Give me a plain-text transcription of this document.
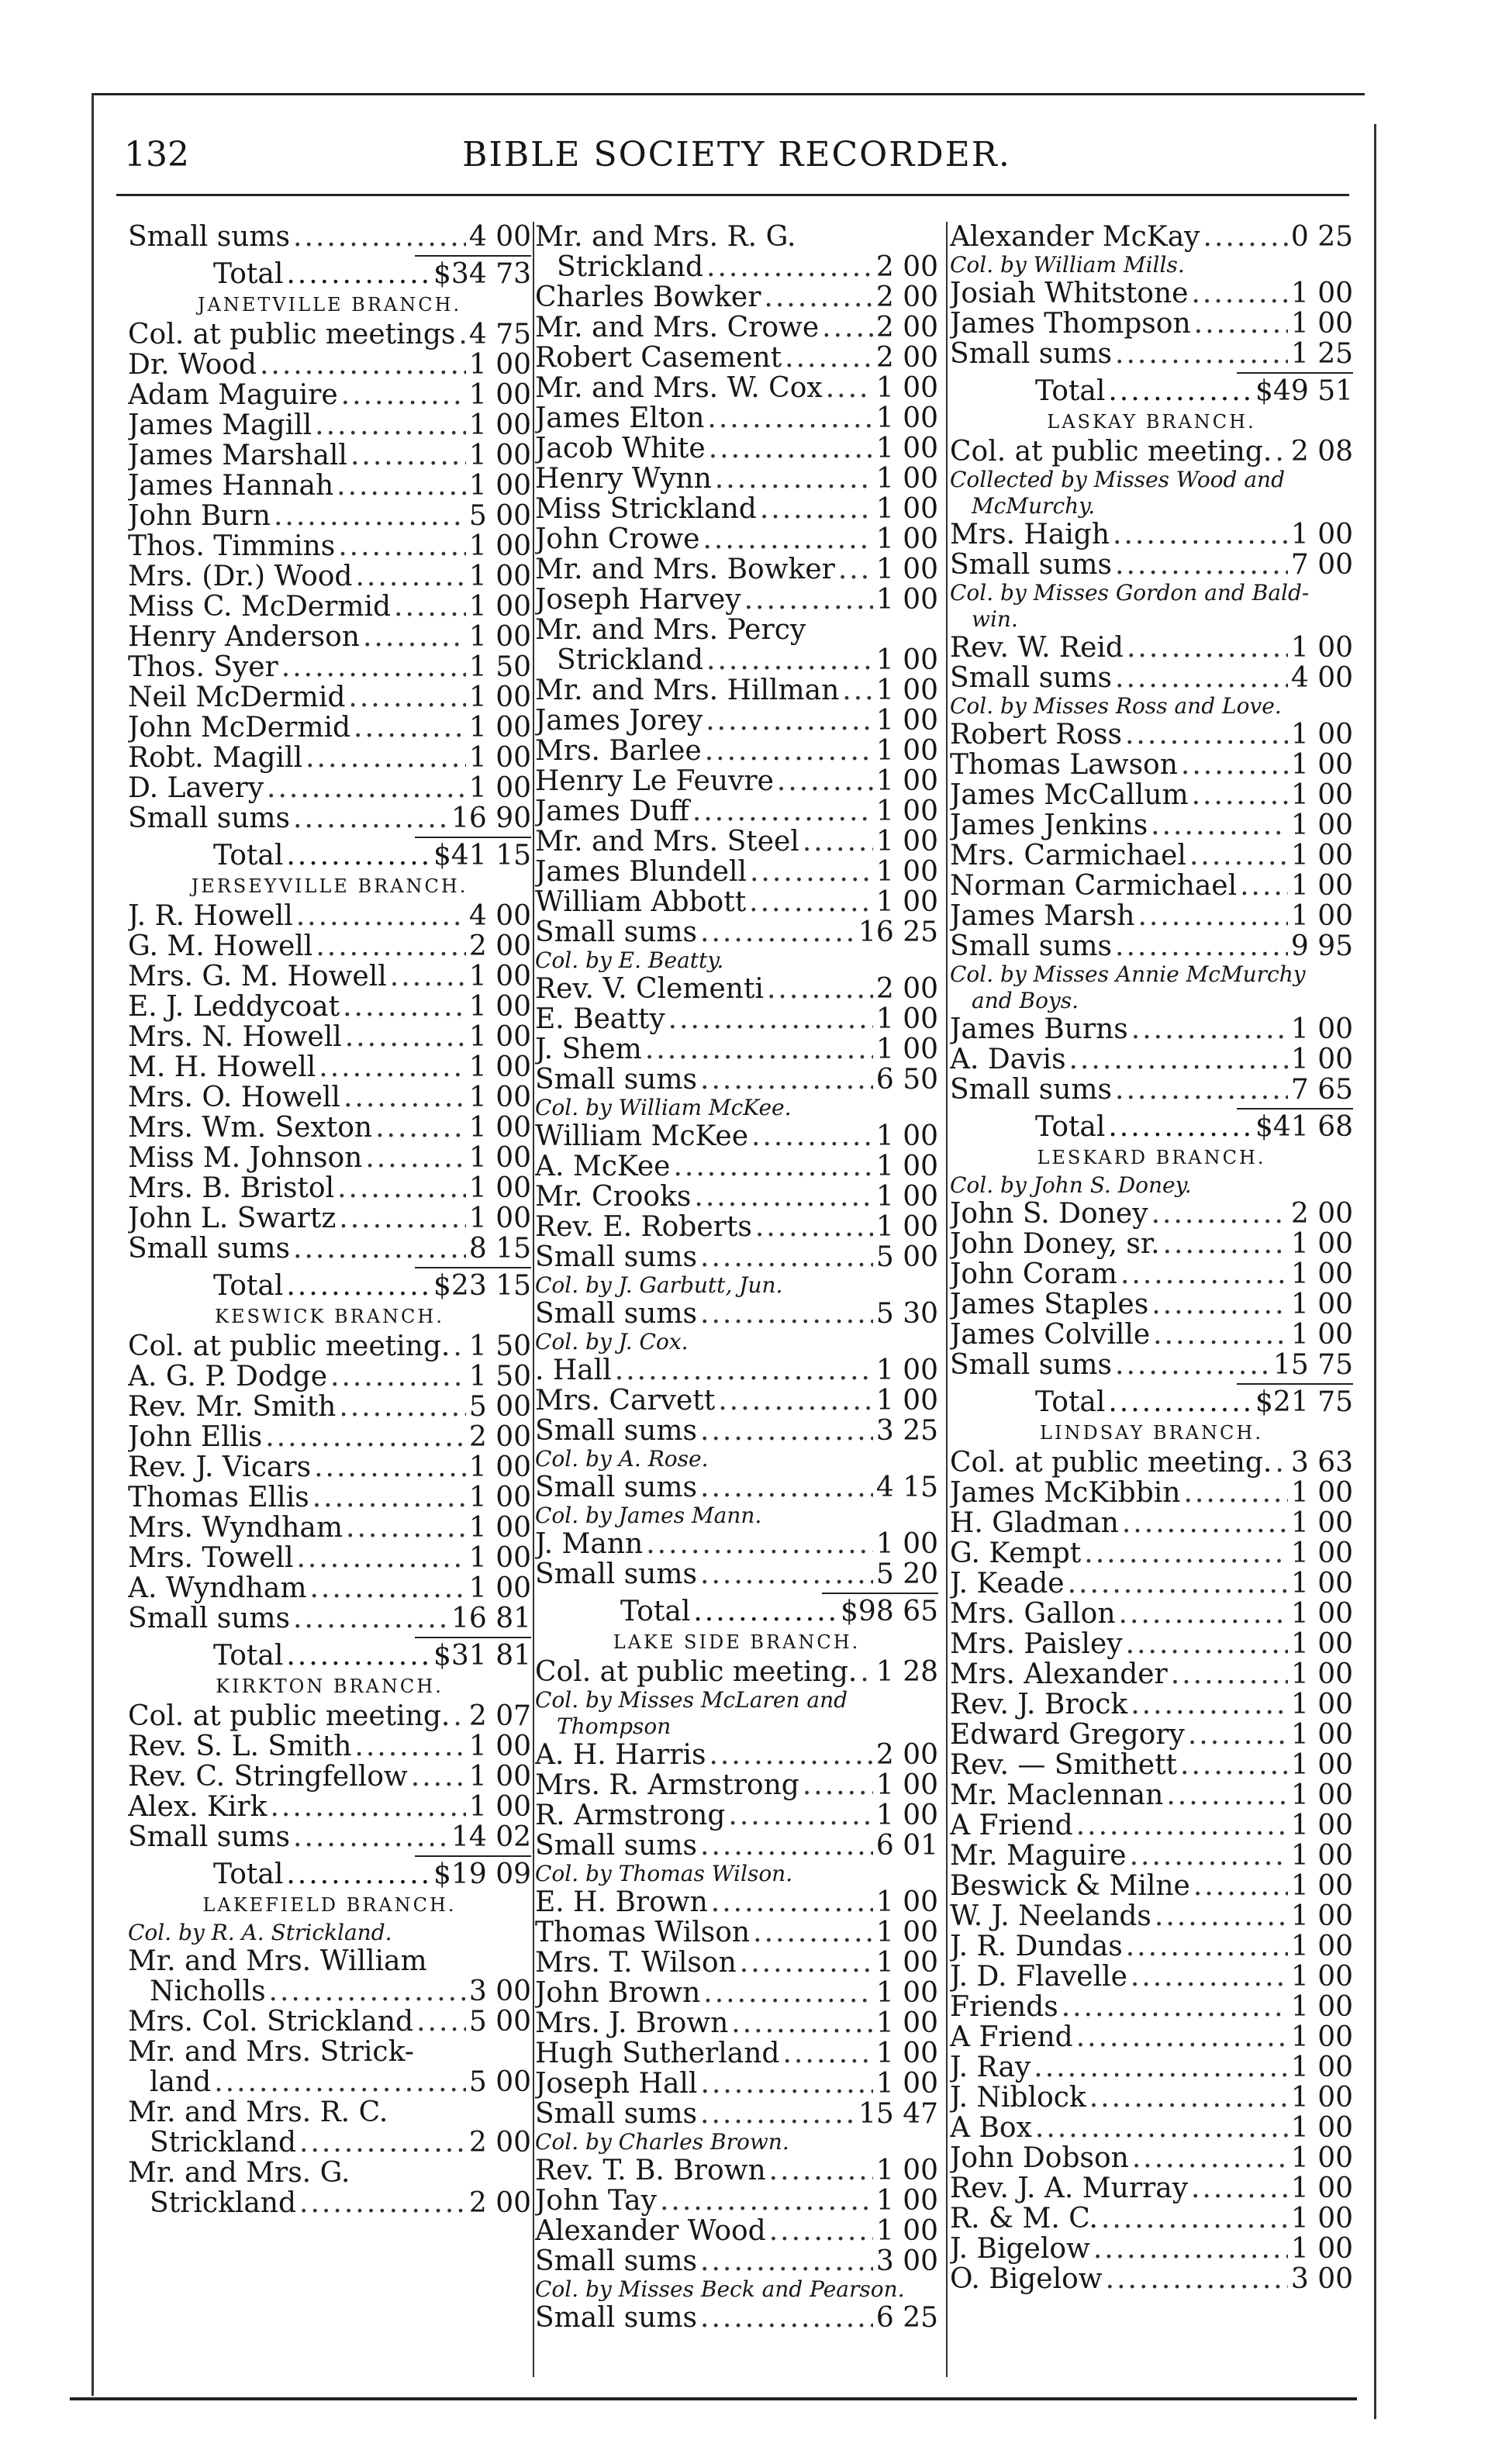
132	BIBLE SOCIETY RECORDER.
Small sums .....	4 00
Total .....	$34 73
JANETVILLE BRANCH.
Col. at public meetings ..... 4 75
Dr. Wood .....	1 00
Adam Maguire .....	1 00
James Magill .....	1 00
James Marshall .....	1 00
James Hannah .....	1 00
John Burn .....	5 00
Thos. Timmins .....	1 00
Mrs. (Dr.) Wood .....	1 00
Miss C. McDermid .....	1 00
Henry Anderson .....	1 00
Thos. Syer .....	1 50
Neil McDermid .....	1 00
John McDermid .....	1 00
Robt. Magill .....	1 00
D. Lavery .....	1 00
Small sums .....	16 90
Total .....	$41 15
JERSEYVILLE BRANCH.
J. R. Howell .....	4 00
G. M. Howell .....	2 00
Mrs. G. M. Howell .....	1 00
E. J. Leddycoat .....	1 00
Mrs. N. Howell .....	1 00
M. H. Howell .....	1 00
Mrs. O. Howell .....	1 00
Mrs. Wm. Sexton .....	1 00
Miss M. Johnson .....	1 00
Mrs. B. Bristol .....	1 00
John L. Swartz .....	1 00
Small sums .....	8 15
Total .....	$23 15
KESWICK BRANCH.
Col. at public meeting. ..... 1 50
A. G. P. Dodge .....	1 50
Rev. Mr. Smith .....	5 00
John Ellis .....	2 00
Rev. J. Vicars .....	1 00
Thomas Ellis .....	1 00
Mrs. Wyndham .....	1 00
Mrs. Towell .....	1 00
A. Wyndham .....	1 00
Small sums .....	16 81
Total .....	$31 81
KIRKTON BRANCH.
Col. at public meeting. ..... 2 07
Rev. S. L. Smith .....	1 00
Rev. C. Stringfellow ..... 1 00
Alex. Kirk .....	1 00
Small sums .....	14 02
Total .....	$19 09
LAKEFIELD BRANCH.
Col. by R. A. Strickland.
Mr. and Mrs. William
Nicholls .....	3 00
Mrs. Col. Strickland ..... 5 00
Mr. and Mrs. Strick-
land .....	5 00
Mr. and Mrs. R. C.
Strickland .....	2 00
Mr. and Mrs. G.
Strickland .....	2 00
Mr. and Mrs. R. G.
Strickland .....	2 00
Charles Bowker .....	2 00
Mr. and Mrs. Crowe ..... 2 00
Robert Casement .....	2 00
Mr. and Mrs. W. Cox ..... 1 00
James Elton .....	1 00
Jacob White .....	1 00
Henry Wynn .....	1 00
Miss Strickland .....	1 00
John Crowe .....	1 00
Mr. and Mrs. Bowker ..... 1 00
Joseph Harvey .....	1 00
Mr. and Mrs. Percy
Strickland .....	1 00
Mr. and Mrs. Hillman ..... 1 00
James Jorey .....	1 00
Mrs. Barlee .....	1 00
Henry Le Feuvre .....	1 00
James Duff .....	1 00
Mr. and Mrs. Steel .....	1 00
James Blundell .....	1 00
William Abbott .....	1 00
Small sums .....	16 25
Col. by E. Beatty.
Rev. V. Clementi .....	2 00
E. Beatty .....	1 00
J. Shem .....	1 00
Small sums .....	6 50
Col. by William McKee.
William McKee .....	1 00
A. McKee .....	1 00
Mr. Crooks .....	1 00
Rev. E. Roberts .....	1 00
Small sums .....	5 00
Col. by J. Garbutt, Jun.
Small sums .....	5 30
Col. by J. Cox.
. Hall .....	1 00
Mrs. Carvett .....	1 00
Small sums .....	3 25
Col. by A. Rose.
Small sums .....	4 15
Col. by James Mann.
J. Mann .....	1 00
Small sums .....	5 20
Total .....	$98 65
LAKE SIDE BRANCH.
Col. at public meeting. ..... 1 28
Col. by Misses McLaren and
Thompson
A. H. Harris .....	2 00
Mrs. R. Armstrong .....	1 00
R. Armstrong .....	1 00
Small sums .....	6 01
Col. by Thomas Wilson.
E. H. Brown .....	1 00
Thomas Wilson .....	1 00
Mrs. T. Wilson .....	1 00
John Brown .....	1 00
Mrs. J. Brown .....	1 00
Hugh Sutherland .....	1 00
Joseph Hall .....	1 00
Small sums .....	15 47
Col. by Charles Brown.
Rev. T. B. Brown .....	1 00
John Tay .....	1 00
Alexander Wood .....	1 00
Small sums .....	3 00
Col. by Misses Beck and Pearson.
Small sums .....	6 25
Alexander McKay .....	0 25
Col. by William Mills.
Josiah Whitstone .....	1 00
James Thompson .....	1 00
Small sums .....	1 25
Total .....	$49 51
LASKAY BRANCH.
Col. at public meeting. ..... 2 08
Collected by Misses Wood and
McMurchy.
Mrs. Haigh .....	1 00
Small sums .....	7 00
Col. by Misses Gordon and Bald-
win.
Rev. W. Reid .....	1 00
Small sums .....	4 00
Col. by Misses Ross and Love.
Robert Ross .....	1 00
Thomas Lawson .....	1 00
James McCallum .....	1 00
James Jenkins .....	1 00
Mrs. Carmichael .....	1 00
Norman Carmichael ..... 1 00
James Marsh .....	1 00
Small sums .....	9 95
Col. by Misses Annie McMurchy
and Boys.
James Burns .....	1 00
A. Davis .....	1 00
Small sums .....	7 65
Total .....	$41 68
LESKARD BRANCH.
Col. by John S. Doney.
John S. Doney .....	2 00
John Doney, sr. .....	1 00
John Coram .....	1 00
James Staples .....	1 00
James Colville .....	1 00
Small sums .....	15 75
Total .....	$21 75
LINDSAY BRANCH.
Col. at public meeting. ..... 3 63
James McKibbin .....	1 00
H. Gladman .....	1 00
G. Kempt .....	1 00
J. Keade .....	1 00
Mrs. Gallon .....	1 00
Mrs. Paisley .....	1 00
Mrs. Alexander .....	1 00
Rev. J. Brock .....	1 00
Edward Gregory .....	1 00
Rev. — Smithett .....	1 00
Mr. Maclennan .....	1 00
A Friend .....	1 00
Mr. Maguire .....	1 00
Beswick & Milne .....	1 00
W. J. Neelands .....	1 00
J. R. Dundas .....	1 00
J. D. Flavelle .....	1 00
Friends .....	1 00
A Friend .....	1 00
J. Ray .....	1 00
J. Niblock .....	1 00
A Box .....	1 00
John Dobson .....	1 00
Rev. J. A. Murray .....	1 00
R. & M. C. .....	1 00
J. Bigelow .....	1 00
O. Bigelow .....	3 00
